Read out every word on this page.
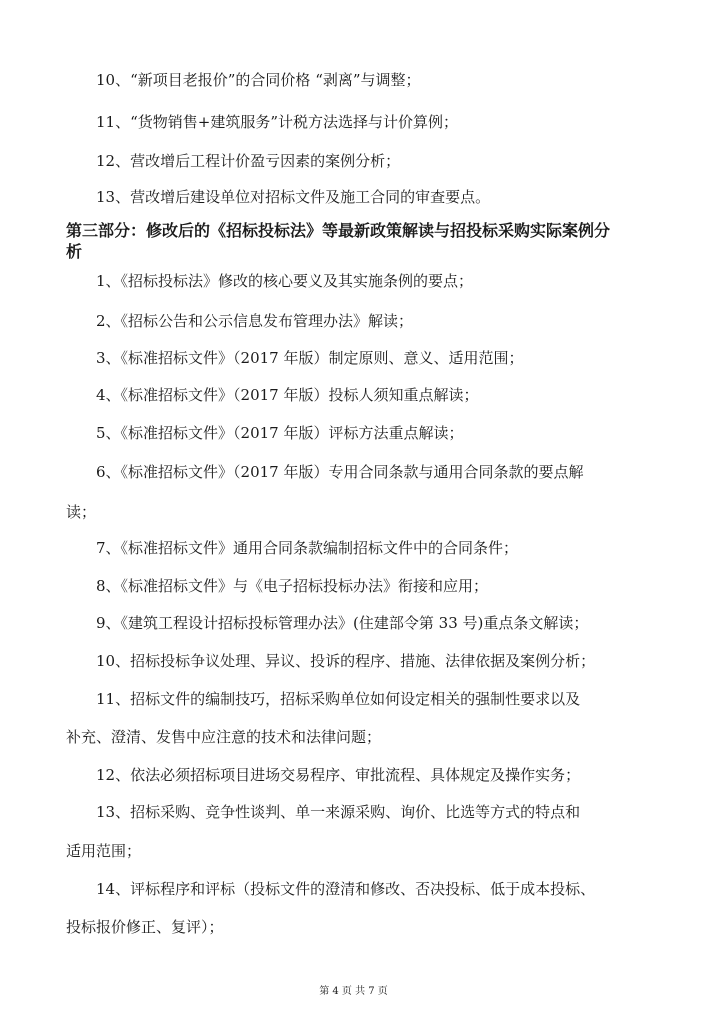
10、“新项目老报价”的合同价格 “剥离”与调整；
11、“货物销售+建筑服务”计税方法选择与计价算例；
12、营改增后工程计价盈亏因素的案例分析；
13、营改增后建设单位对招标文件及施工合同的审查要点。
第三部分：修改后的《招标投标法》等最新政策解读与招投标采购实际案例分
析
1、《招标投标法》修改的核心要义及其实施条例的要点；
2、《招标公告和公示信息发布管理办法》解读；
3、《标准招标文件》（2017 年版）制定原则、意义、适用范围；
4、《标准招标文件》（2017 年版）投标人须知重点解读；
5、《标准招标文件》（2017 年版）评标方法重点解读；
6、《标准招标文件》（2017 年版）专用合同条款与通用合同条款的要点解
读；
7、《标准招标文件》通用合同条款编制招标文件中的合同条件；
8、《标准招标文件》与《电子招标投标办法》衔接和应用；
9、《建筑工程设计招标投标管理办法》(住建部令第 33 号)重点条文解读；
10、招标投标争议处理、异议、投诉的程序、措施、法律依据及案例分析；
11、招标文件的编制技巧，招标采购单位如何设定相关的强制性要求以及
补充、澄清、发售中应注意的技术和法律问题；
12、依法必须招标项目进场交易程序、审批流程、具体规定及操作实务；
13、招标采购、竞争性谈判、单一来源采购、询价、比选等方式的特点和
适用范围；
14、评标程序和评标（投标文件的澄清和修改、否决投标、低于成本投标、
投标报价修正、复评）；
第 4 页 共 7 页
